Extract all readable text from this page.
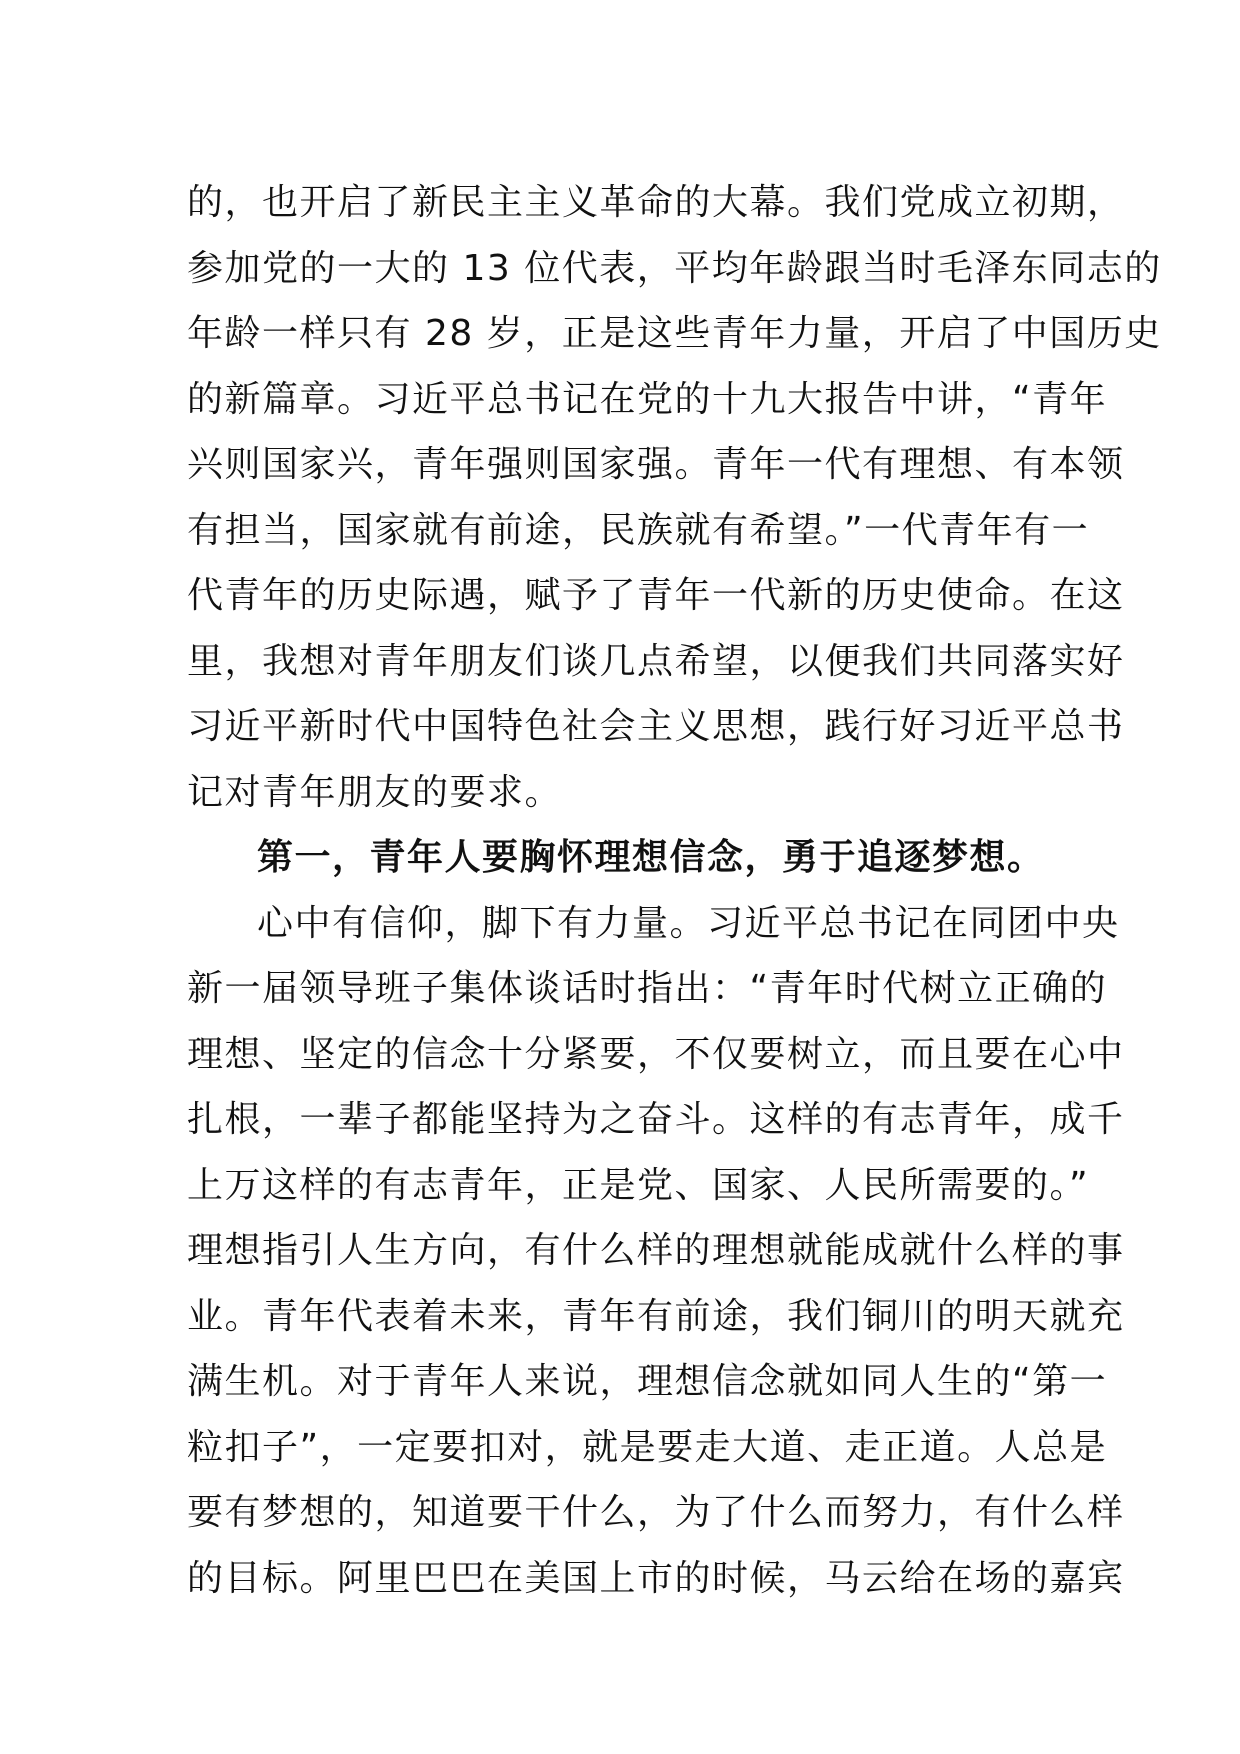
的，也开启了新民主主义革命的大幕。我们党成立初期，
参加党的一大的 13 位代表，平均年龄跟当时毛泽东同志的
年龄一样只有 28 岁，正是这些青年力量，开启了中国历史
的新篇章。习近平总书记在党的十九大报告中讲，“青年
兴则国家兴，青年强则国家强。青年一代有理想、有本领
有担当，国家就有前途，民族就有希望。”一代青年有一
代青年的历史际遇，赋予了青年一代新的历史使命。在这
里，我想对青年朋友们谈几点希望，以便我们共同落实好
习近平新时代中国特色社会主义思想，践行好习近平总书
记对青年朋友的要求。
第一，青年人要胸怀理想信念，勇于追逐梦想。
心中有信仰，脚下有力量。习近平总书记在同团中央
新一届领导班子集体谈话时指出：“青年时代树立正确的
理想、坚定的信念十分紧要，不仅要树立，而且要在心中
扎根，一辈子都能坚持为之奋斗。这样的有志青年，成千
上万这样的有志青年，正是党、国家、人民所需要的。”
理想指引人生方向，有什么样的理想就能成就什么样的事
业。青年代表着未来，青年有前途，我们铜川的明天就充
满生机。对于青年人来说，理想信念就如同人生的“第一
粒扣子”，一定要扣对，就是要走大道、走正道。人总是
要有梦想的，知道要干什么，为了什么而努力，有什么样
的目标。阿里巴巴在美国上市的时候，马云给在场的嘉宾
